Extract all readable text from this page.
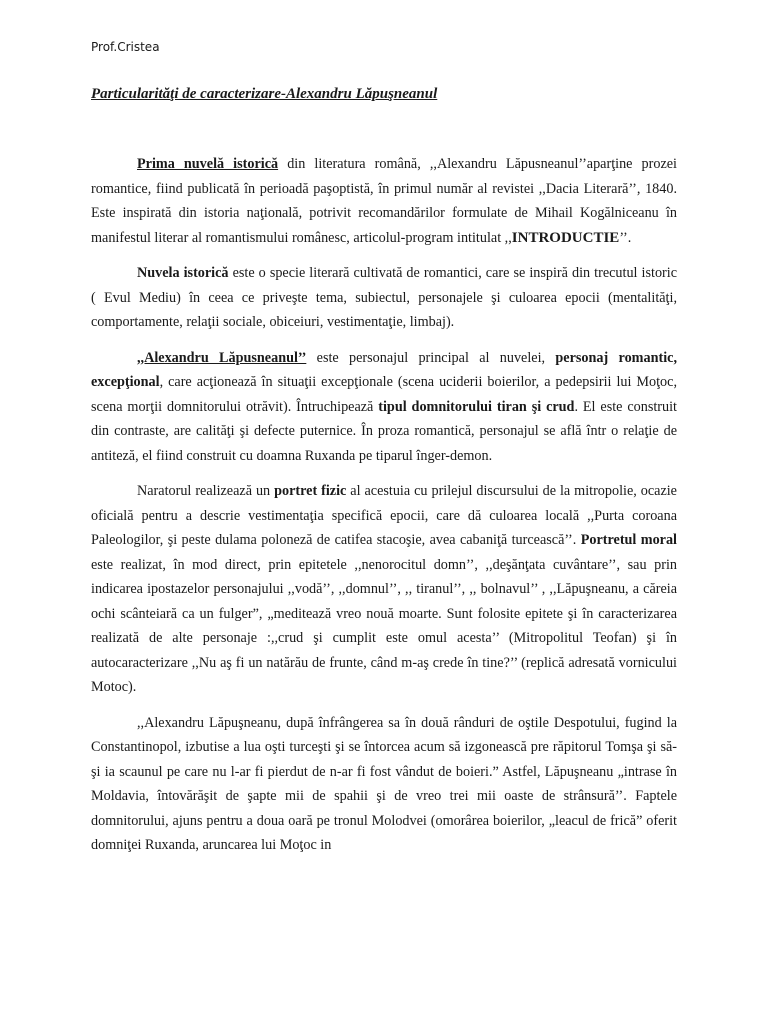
Prof.Cristea
Particularităţi de caracterizare-Alexandru Lăpuşneanul

Prima nuvelă istorică din literatura română, ,,Alexandru Lăpusneanul’’aparţine prozei romantice, fiind publicată în perioadă paşoptistă, în primul număr al revistei ,,Dacia Literară’’, 1840. Este inspirată din istoria naţională, potrivit recomandărilor formulate de Mihail Kogălniceanu în manifestul literar al romantismului românesc, articolul-program intitulat ,,INTRODUCTIE’’.

Nuvela istorică este o specie literară cultivată de romantici, care se inspiră din trecutul istoric ( Evul Mediu) în ceea ce priveşte tema, subiectul, personajele şi culoarea epocii (mentalităţi, comportamente, relaţii sociale, obiceiuri, vestimentaţie, limbaj).

,,Alexandru Lăpusneanul’’ este personajul principal al nuvelei, personaj romantic, excepţional, care acţionează în situaţii excepţionale (scena uciderii boierilor, a pedepsirii lui Moţoc, scena morţii domnitorului otrăvit). Întruchipează tipul domnitorului tiran şi crud. El este construit din contraste, are calităţi şi defecte puternice. În proza romantică, personajul se află într o relaţie de antiteză, el fiind construit cu doamna Ruxanda pe tiparul înger-demon.

Naratorul realizează un portret fizic al acestuia cu prilejul discursului de la mitropolie, ocazie oficială pentru a descrie vestimentaţia specifică epocii, care dă culoarea locală ,,Purta coroana Paleologilor, şi peste dulama poloneză de catifea stacoşie, avea cabaniţă turcească’’. Portretul moral este realizat, în mod direct, prin epitetele ,,nenorocitul domn’’, ,,deşănţata cuvântare’’, sau prin indicarea ipostazelor personajului ,,vodă’’, ,,domnul’’, ,, tiranul’’, ,, bolnavul’’ , ,,Lăpuşneanu, a căreia ochi scânteiară ca un fulger”, „meditează vreo nouă moarte. Sunt folosite epitete şi în caracterizarea realizată de alte personaje :,,crud şi cumplit este omul acesta’’ (Mitropolitul Teofan) şi în autocaracterizare ,,Nu aş fi un natărău de frunte, când m-aş crede în tine?’’ (replică adresată vornicului Motoc).

,,Alexandru Lăpuşneanu, după înfrângerea sa în două rânduri de oştile Despotului, fugind la Constantinopol, izbutise a lua oşti turceşti şi se întorcea acum să izgonească pre răpitorul Tomşa şi să-şi ia scaunul pe care nu l-ar fi pierdut de n-ar fi fost vândut de boieri.” Astfel, Lăpuşneanu „intrase în Moldavia, întovărăşit de şapte mii de spahii şi de vreo trei mii oaste de strânsură’’. Faptele domnitorului, ajuns pentru a doua oară pe tronul Molodvei (omorârea boierilor, „leacul de frică” oferit domniţei Ruxanda, aruncarea lui Moţoc in
